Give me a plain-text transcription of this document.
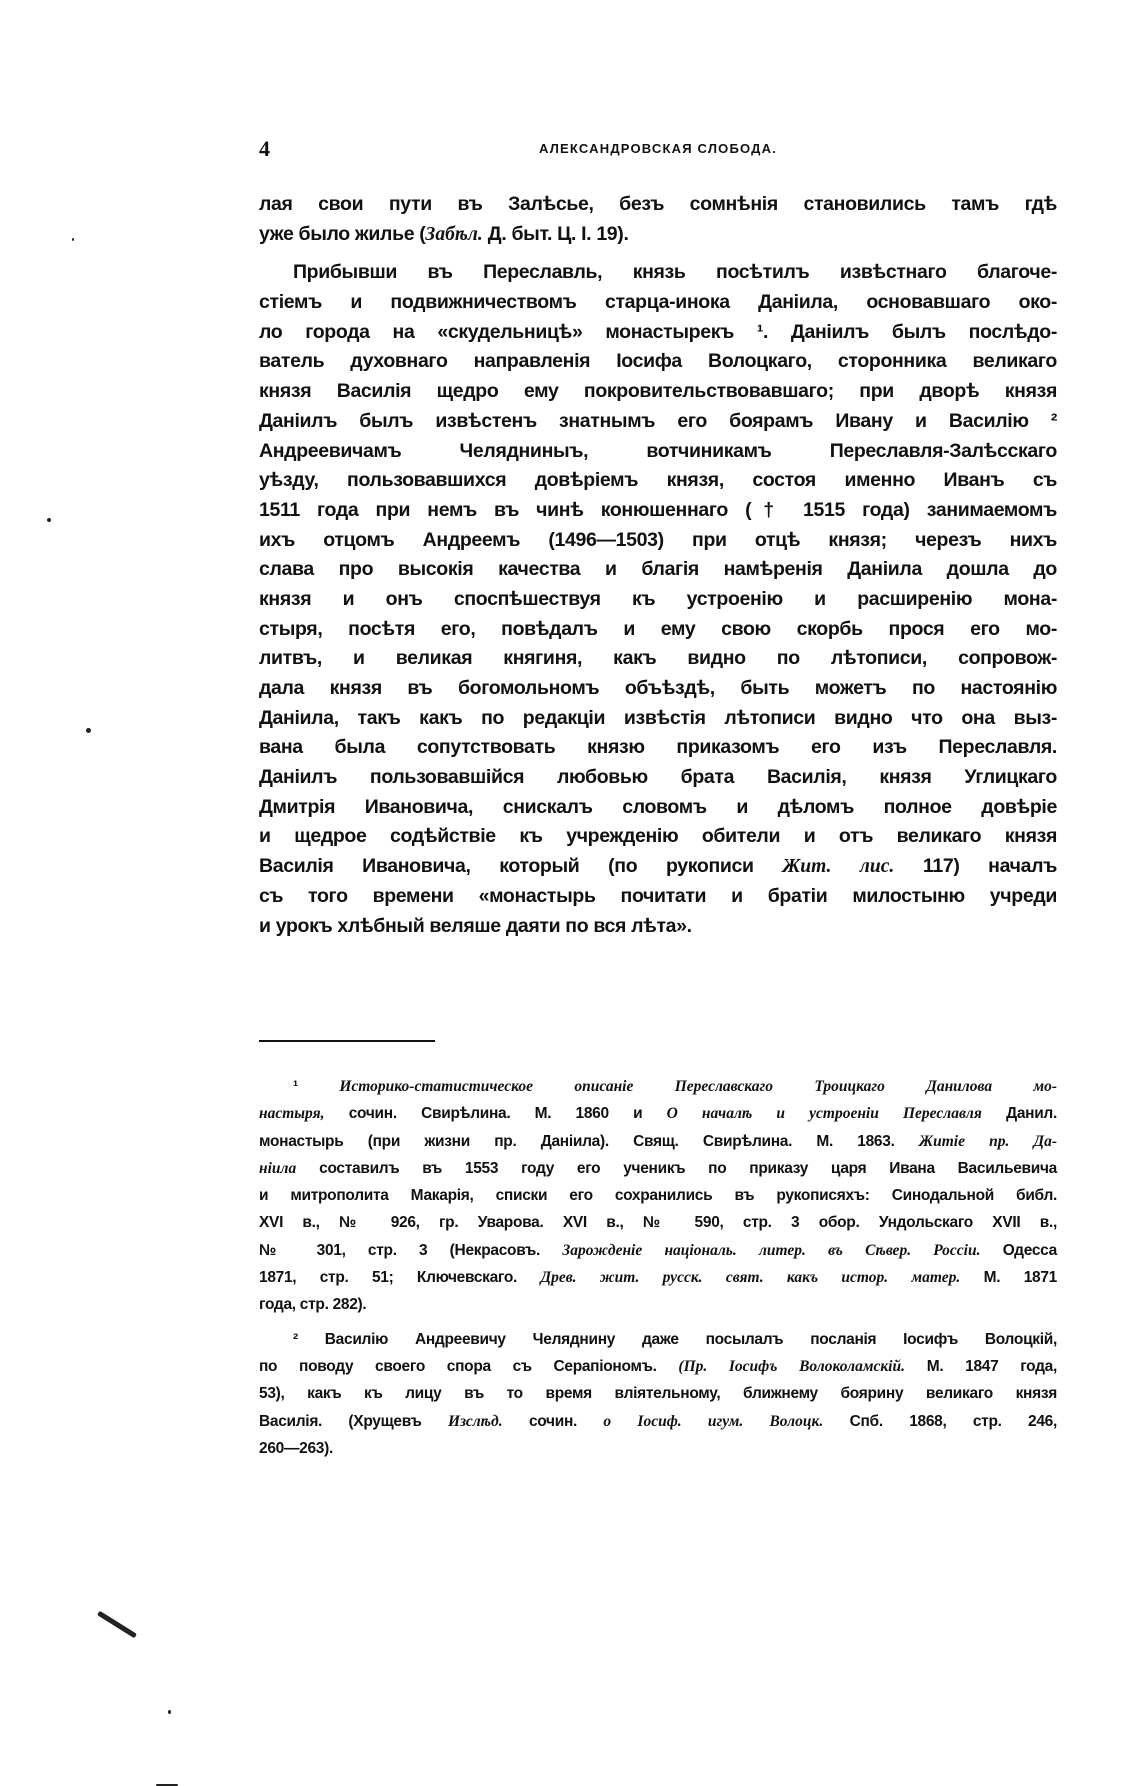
4	АЛЕКСАНДРОВСКАЯ СЛОБОДА.
лая свои пути въ Залѣсье, безъ сомнѣнія становились тамъ гдѣ
уже было жилье (Забѣл. Д. быт. Ц. I. 19).
Прибывши въ Переславль, князь посѣтилъ извѣстнаго благоче-
стіемъ и подвижничествомъ старца-инока Даніила, основавшаго око-
ло города на «скудельницѣ» монастырекъ ¹. Даніилъ былъ послѣдо-
ватель духовнаго направленія Іосифа Волоцкаго, сторонника великаго
князя Василія щедро ему покровительствовавшаго; при дворѣ князя
Даніилъ былъ извѣстенъ знатнымъ его боярамъ Ивану и Василію ²
Андреевичамъ Челядниныъ, вотчиникамъ Переславля-Залѣсскаго
уѣзду, пользовавшихся довѣріемъ князя, состоя именно Иванъ съ
1511 года при немъ въ чинѣ конюшеннаго († 1515 года) занимаемомъ
ихъ отцомъ Андреемъ (1496—1503) при отцѣ князя; черезъ нихъ
слава про высокія качества и благія намѣренія Даніила дошла до
князя и онъ споспѣшествуя къ устроенію и расширенію мона-
стыря, посѣтя его, повѣдалъ и ему свою скорбь прося его мо-
литвъ, и великая княгиня, какъ видно по лѣтописи, сопровож-
дала князя въ богомольномъ объѣздѣ, быть можетъ по настоянію
Даніила, такъ какъ по редакціи извѣстія лѣтописи видно что она выз-
вана была сопутствовать князю приказомъ его изъ Переславля.
Даніилъ пользовавшійся любовью брата Василія, князя Углицкаго
Дмитрія Ивановича, снискалъ словомъ и дѣломъ полное довѣріе
и щедрое содѣйствіе къ учрежденію обители и отъ великаго князя
Василія Ивановича, который (по рукописи Жит. лис. 117) началъ
съ того времени «монастырь почитати и братіи милостыню учреди
и урокъ хлѣбный веляше даяти по вся лѣта».
¹ Историко-статистическое описаніе Переславскаго Троицкаго Данилова мо-
настыря, сочин. Свирѣлина. М. 1860 и О началѣ и устроеніи Переславля Данил.
монастырь (при жизни пр. Даніила). Свящ. Свирѣлина. М. 1863. Житіе пр. Да-
ніила составилъ въ 1553 году его ученикъ по приказу царя Ивана Васильевича
и митрополита Макарія, списки его сохранились въ рукописяхъ: Синодальной библ.
XVI в., № 926, гр. Уварова. XVI в., № 590, стр. 3 обор. Ундольскаго XVII в.,
№ 301, стр. 3 (Некрасовъ. Зарожденіе національ. литер. въ Сѣвер. Россіи. Одесса
1871, стр. 51; Ключевскаго. Древ. жит. русск. свят. какъ истор. матер. М. 1871
года, стр. 282).
² Василію Андреевичу Челяднину даже посылалъ посланія Іосифъ Волоцкій,
по поводу своего спора съ Серапіономъ. (Пр. Іосифъ Волоколамскій. М. 1847 года,
53), какъ къ лицу въ то время вліятельному, ближнему боярину великаго князя
Василія. (Хрущевъ Изслѣд. сочин. о Іосиф. игум. Волоцк. Спб. 1868, стр. 246,
260—263).
